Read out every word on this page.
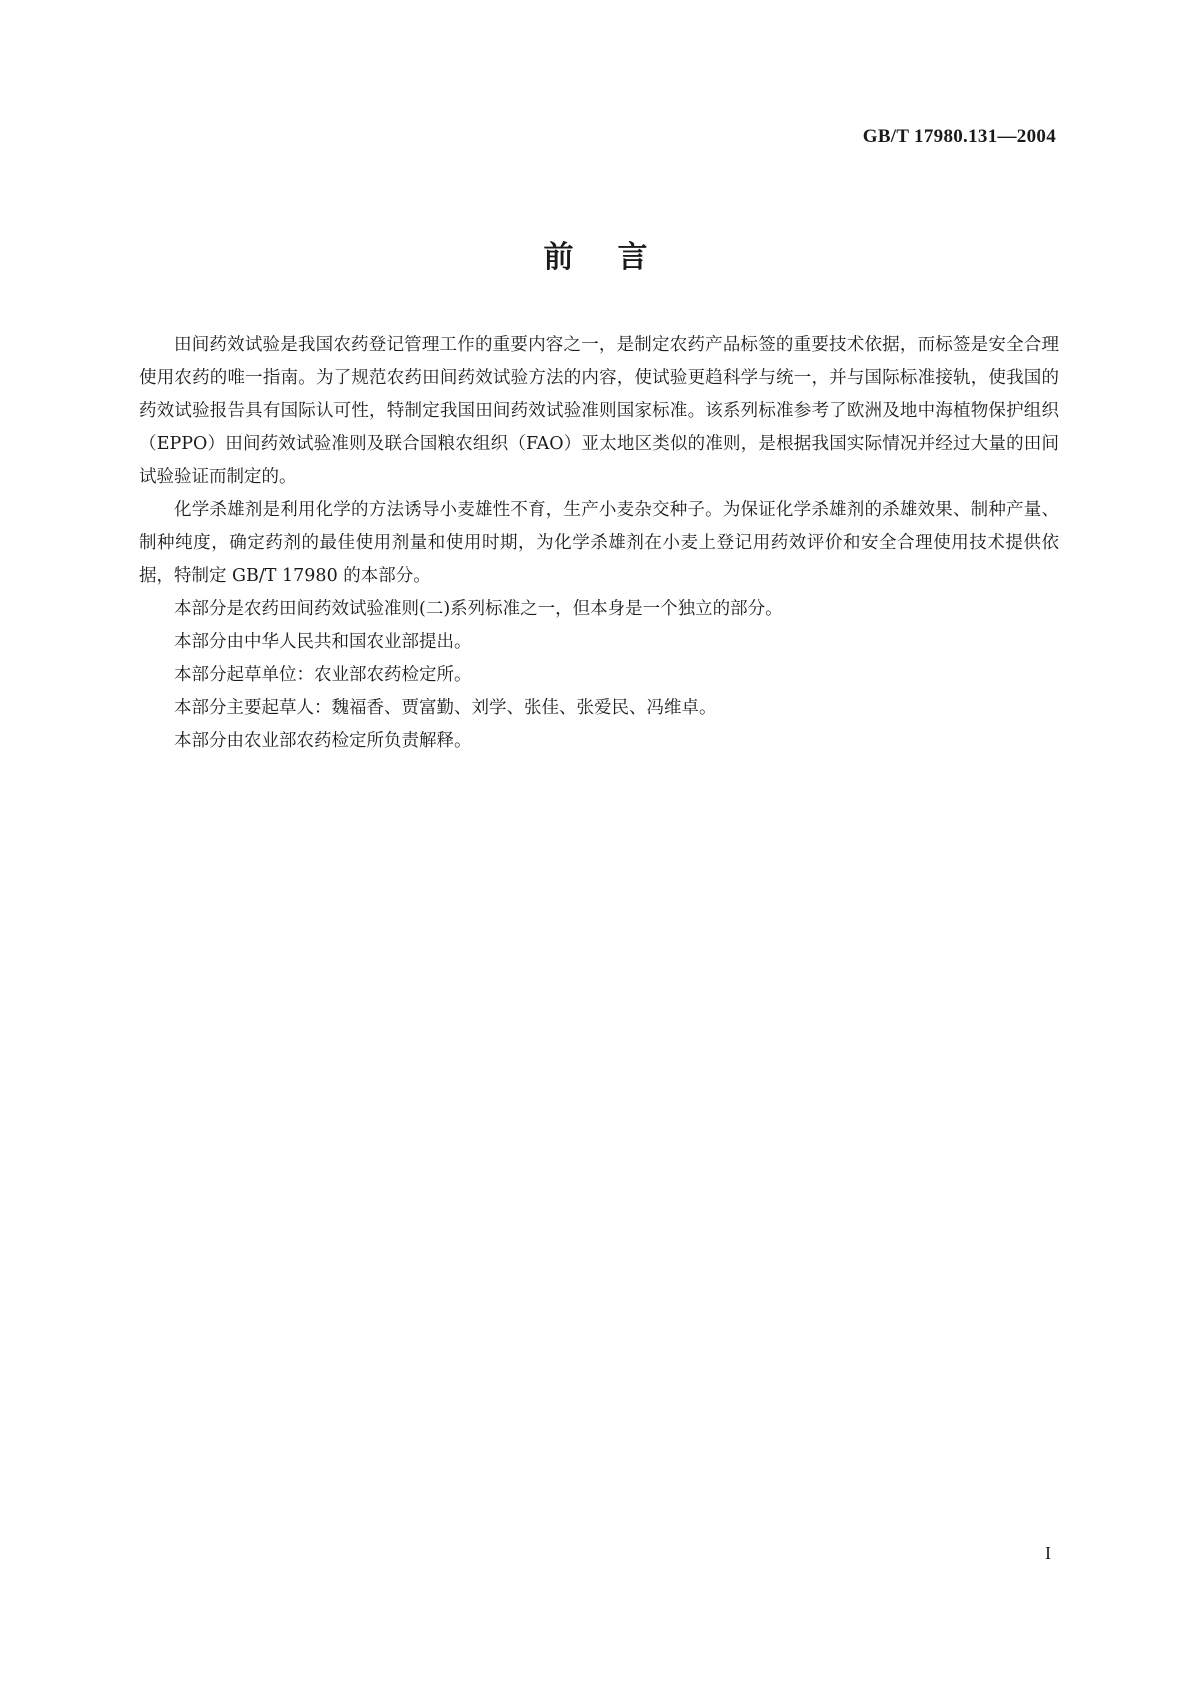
GB/T 17980.131—2004
前言

田间药效试验是我国农药登记管理工作的重要内容之一，是制定农药产品标签的重要技术依据，而标签是安全合理使用农药的唯一指南。为了规范农药田间药效试验方法的内容，使试验更趋科学与统一，并与国际标准接轨，使我国的药效试验报告具有国际认可性，特制定我国田间药效试验准则国家标准。该系列标准参考了欧洲及地中海植物保护组织（EPPO）田间药效试验准则及联合国粮农组织（FAO）亚太地区类似的准则，是根据我国实际情况并经过大量的田间试验验证而制定的。

化学杀雄剂是利用化学的方法诱导小麦雄性不育，生产小麦杂交种子。为保证化学杀雄剂的杀雄效果、制种产量、制种纯度，确定药剂的最佳使用剂量和使用时期，为化学杀雄剂在小麦上登记用药效评价和安全合理使用技术提供依据，特制定 GB/T 17980 的本部分。

本部分是农药田间药效试验准则(二)系列标准之一，但本身是一个独立的部分。

本部分由中华人民共和国农业部提出。

本部分起草单位：农业部农药检定所。

本部分主要起草人：魏福香、贾富勤、刘学、张佳、张爱民、冯维卓。

本部分由农业部农药检定所负责解释。

I
